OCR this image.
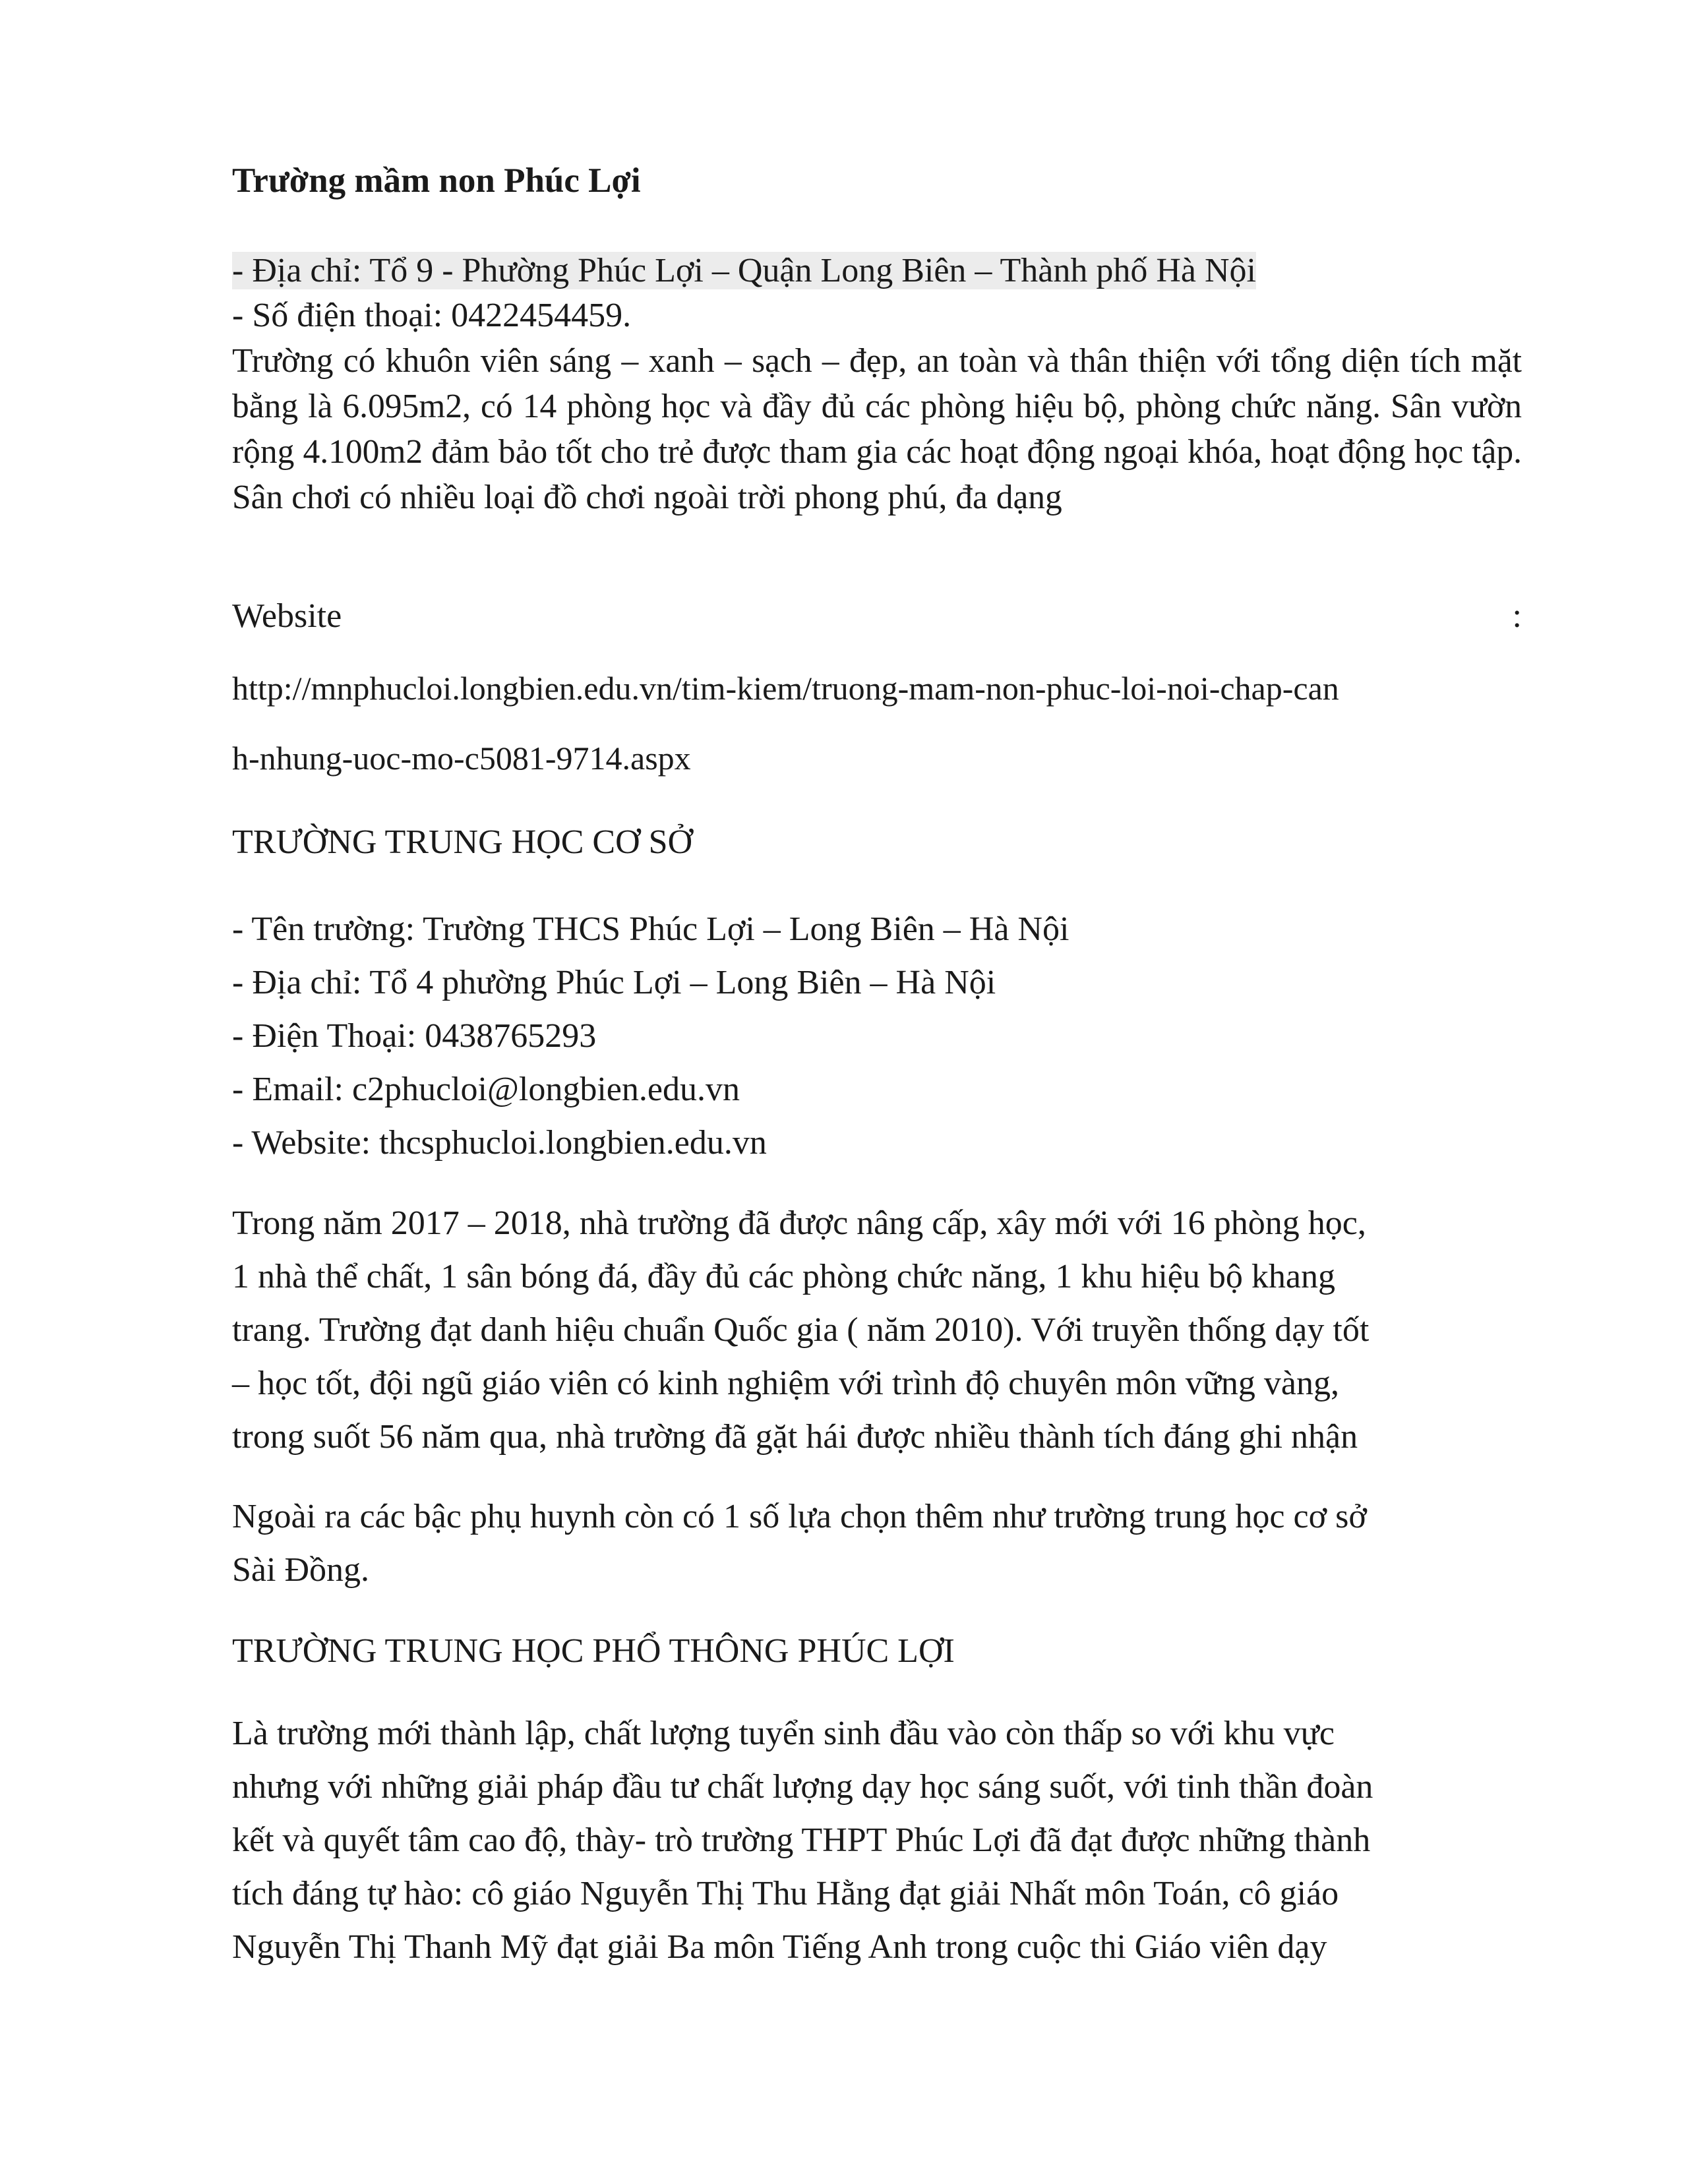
Trường mầm non Phúc Lợi

- Địa chỉ: Tổ 9 - Phường Phúc Lợi – Quận Long Biên – Thành phố Hà Nội

- Số điện thoại: 0422454459.

Trường có khuôn viên sáng – xanh – sạch – đẹp, an toàn và thân thiện với tổng diện tích mặt bằng là 6.095m2, có 14 phòng học và đầy đủ các phòng hiệu bộ, phòng chức năng. Sân vườn rộng 4.100m2 đảm bảo tốt cho trẻ được tham gia các hoạt động ngoại khóa, hoạt động học tập. Sân chơi có nhiều loại đồ chơi ngoài trời phong phú, đa dạng

Website	:

http://mnphucloi.longbien.edu.vn/tim-kiem/truong-mam-non-phuc-loi-noi-chap-can

h-nhung-uoc-mo-c5081-9714.aspx

TRƯỜNG TRUNG HỌC CƠ SỞ

- Tên trường: Trường THCS Phúc Lợi – Long Biên – Hà Nội

- Địa chỉ: Tổ 4 phường Phúc Lợi – Long Biên – Hà Nội

- Điện Thoại: 0438765293

- Email: c2phucloi@longbien.edu.vn

- Website: thcsphucloi.longbien.edu.vn

Trong năm 2017 – 2018, nhà trường đã được nâng cấp, xây mới với 16 phòng học,

1 nhà thể chất, 1 sân bóng đá, đầy đủ các phòng chức năng, 1 khu hiệu bộ khang

trang. Trường đạt danh hiệu chuẩn Quốc gia ( năm 2010). Với truyền thống dạy tốt

– học tốt, đội ngũ giáo viên có kinh nghiệm với trình độ chuyên môn vững vàng,

trong suốt 56 năm qua, nhà trường đã gặt hái được nhiều thành tích đáng ghi nhận

Ngoài ra các bậc phụ huynh còn có 1 số lựa chọn thêm như trường trung học cơ sở

Sài Đồng.

TRƯỜNG TRUNG HỌC PHỔ THÔNG PHÚC LỢI

Là trường mới thành lập, chất lượng tuyển sinh đầu vào còn thấp so với khu vực

nhưng với những giải pháp đầu tư chất lượng dạy học sáng suốt, với tinh thần đoàn

kết và quyết tâm cao độ, thày- trò trường THPT Phúc Lợi đã đạt được những thành

tích đáng tự hào: cô giáo Nguyễn Thị Thu Hằng đạt giải Nhất môn Toán, cô giáo

Nguyễn Thị Thanh Mỹ đạt giải Ba môn Tiếng Anh trong cuộc thi Giáo viên dạy
